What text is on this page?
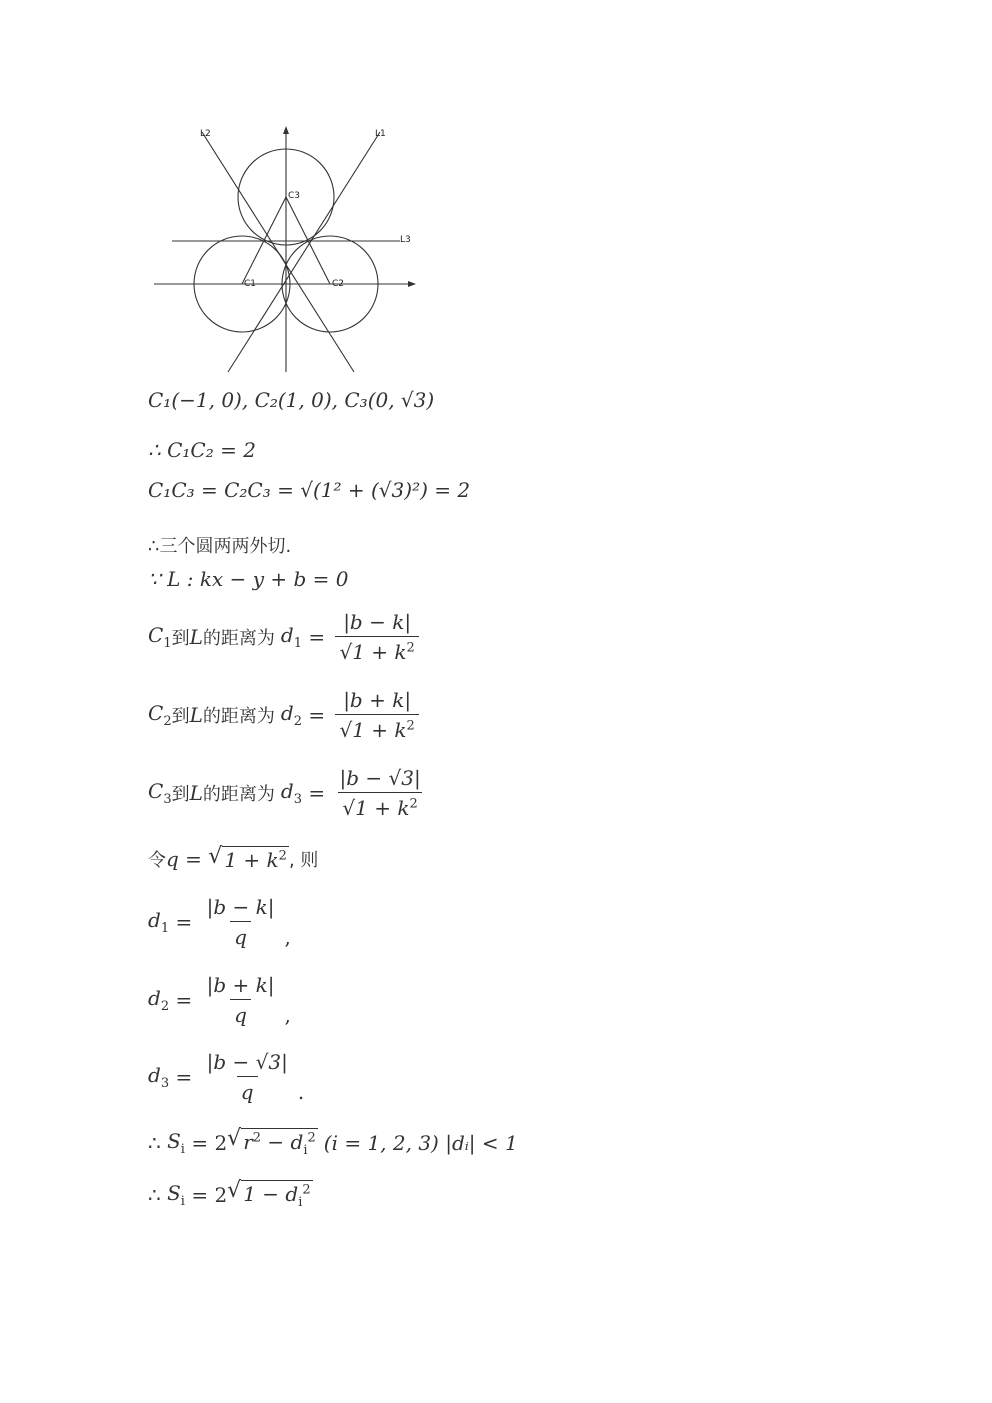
L2	L1
L3
C3
C1	C2
C₁(−1, 0), C₂(1, 0), C₃(0, √3)
∴ C₁C₂ = 2
C₁C₃ = C₂C₃ = √(1² + (√3)²) = 2
∴三个圆两两外切.
∵ L : kx − y + b = 0
$C_1$ 到 L 的距离为 $d_1 = \frac{|b - k|}{√1 + k^2}$
$C_2$ 到 L 的距离为 $d_2 = \frac{|b + k|}{√1 + k^2}$
$C_3$ 到 L 的距离为 $d_3 = \frac{|b - √3|}{√1 + k^2}$
令 q = √ $1 + k^2$ , 则
$d_1 = \frac{|b - k|}{q}$ ,
$d_2 = \frac{|b + k|}{q}$ ,
$d_3 = \frac{|b - √3|}{q}$ .
∴ $S_i = 2$ √ $r^2 - d_i^2$ (i = 1, 2, 3) |dᵢ| < 1
∴ $S_i = 2$ √ $1 - d_i^2$
